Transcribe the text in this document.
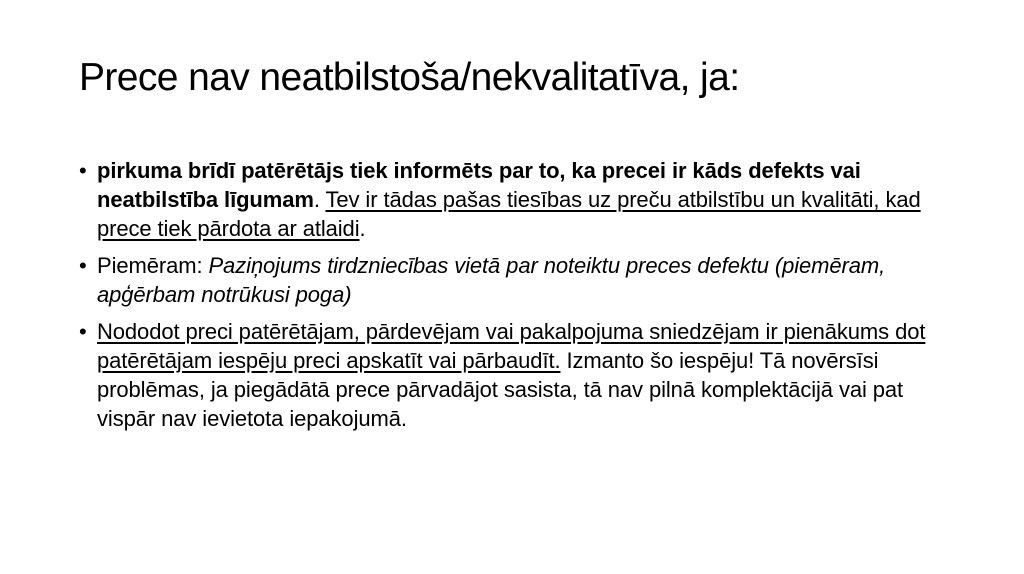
Prece nav neatbilstoša/nekvalitatīva, ja:
• pirkuma brīdī patērētājs tiek informēts par to, ka precei ir kāds defekts vai neatbilstība līgumam. Tev ir tādas pašas tiesības uz preču atbilstību un kvalitāti, kad prece tiek pārdota ar atlaidi.
• Piemēram: Paziņojums tirdzniecības vietā par noteiktu preces defektu (piemēram, apģērbam notrūkusi poga)
• Nododot preci patērētājam, pārdevējam vai pakalpojuma sniedzējam ir pienākums dot patērētājam iespēju preci apskatīt vai pārbaudīt. Izmanto šo iespēju! Tā novērsīsi problēmas, ja piegādātā prece pārvadājot sasista, tā nav pilnā komplektācijā vai pat vispār nav ievietota iepakojumā.
